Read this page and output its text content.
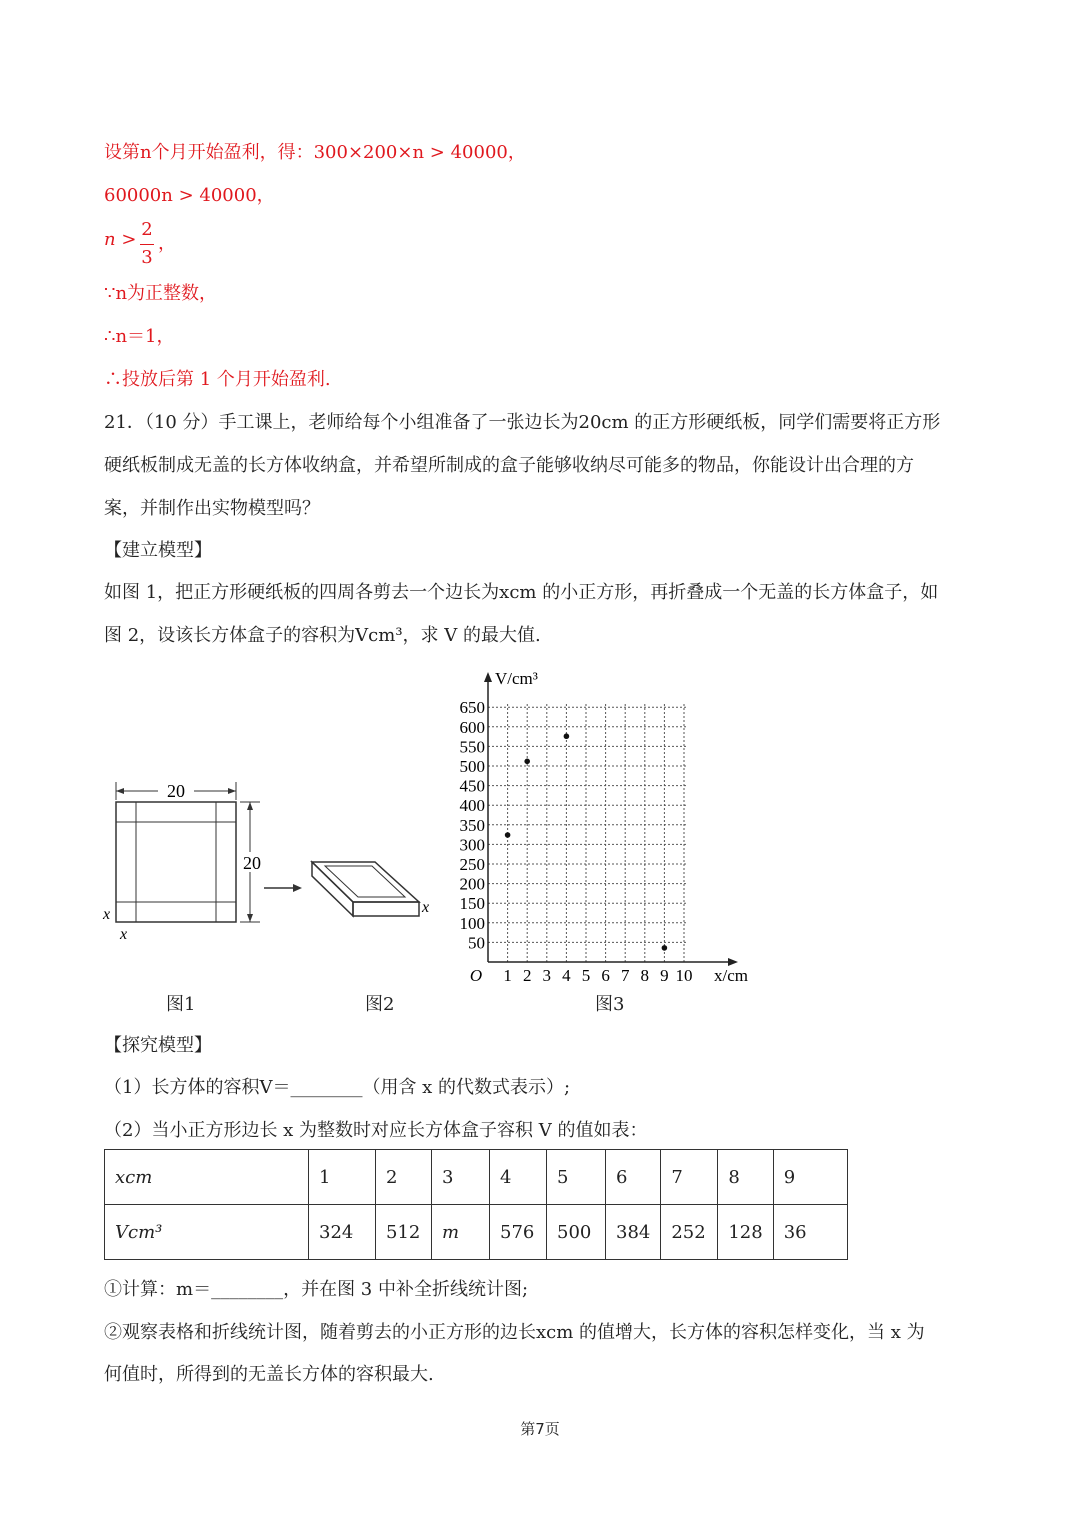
设第n个月开始盈利，得：300×200×n > 40000，
60000n > 40000，
n > 2
3
，
∵n为正整数，
∴n＝1，
∴投放后第 1 个月开始盈利.
21．（10 分）手工课上，老师给每个小组准备了一张边长为20cm 的正方形硬纸板，同学们需要将正方形
硬纸板制成无盖的长方体收纳盒，并希望所制成的盒子能够收纳尽可能多的物品，你能设计出合理的方
案，并制作出实物模型吗？
【建立模型】
如图 1，把正方形硬纸板的四周各剪去一个边长为xcm 的小正方形，再折叠成一个无盖的长方体盒子，如
图 2，设该长方体盒子的容积为Vcm³，求 V 的最大值.
20
20
x
x
x
1 2 3 4 5 6 7 8 9 10
50
100
150
200
250
300
350
400
450
500
550
600
650
O	x/cm
V/cm³
图1	图2	图3
【探究模型】
（1）长方体的容积V＝________（用含 x 的代数式表示）;
（2）当小正方形边长 x 为整数时对应长方体盒子容积 V 的值如表：
xcm	1	2	3	4	5	6	7	8	9
Vcm³	324	512	m	576	500	384	252	128	36
①计算：m＝________，并在图 3 中补全折线统计图;
②观察表格和折线统计图，随着剪去的小正方形的边长xcm 的值增大，长方体的容积怎样变化，当 x 为
何值时，所得到的无盖长方体的容积最大.
第7页
